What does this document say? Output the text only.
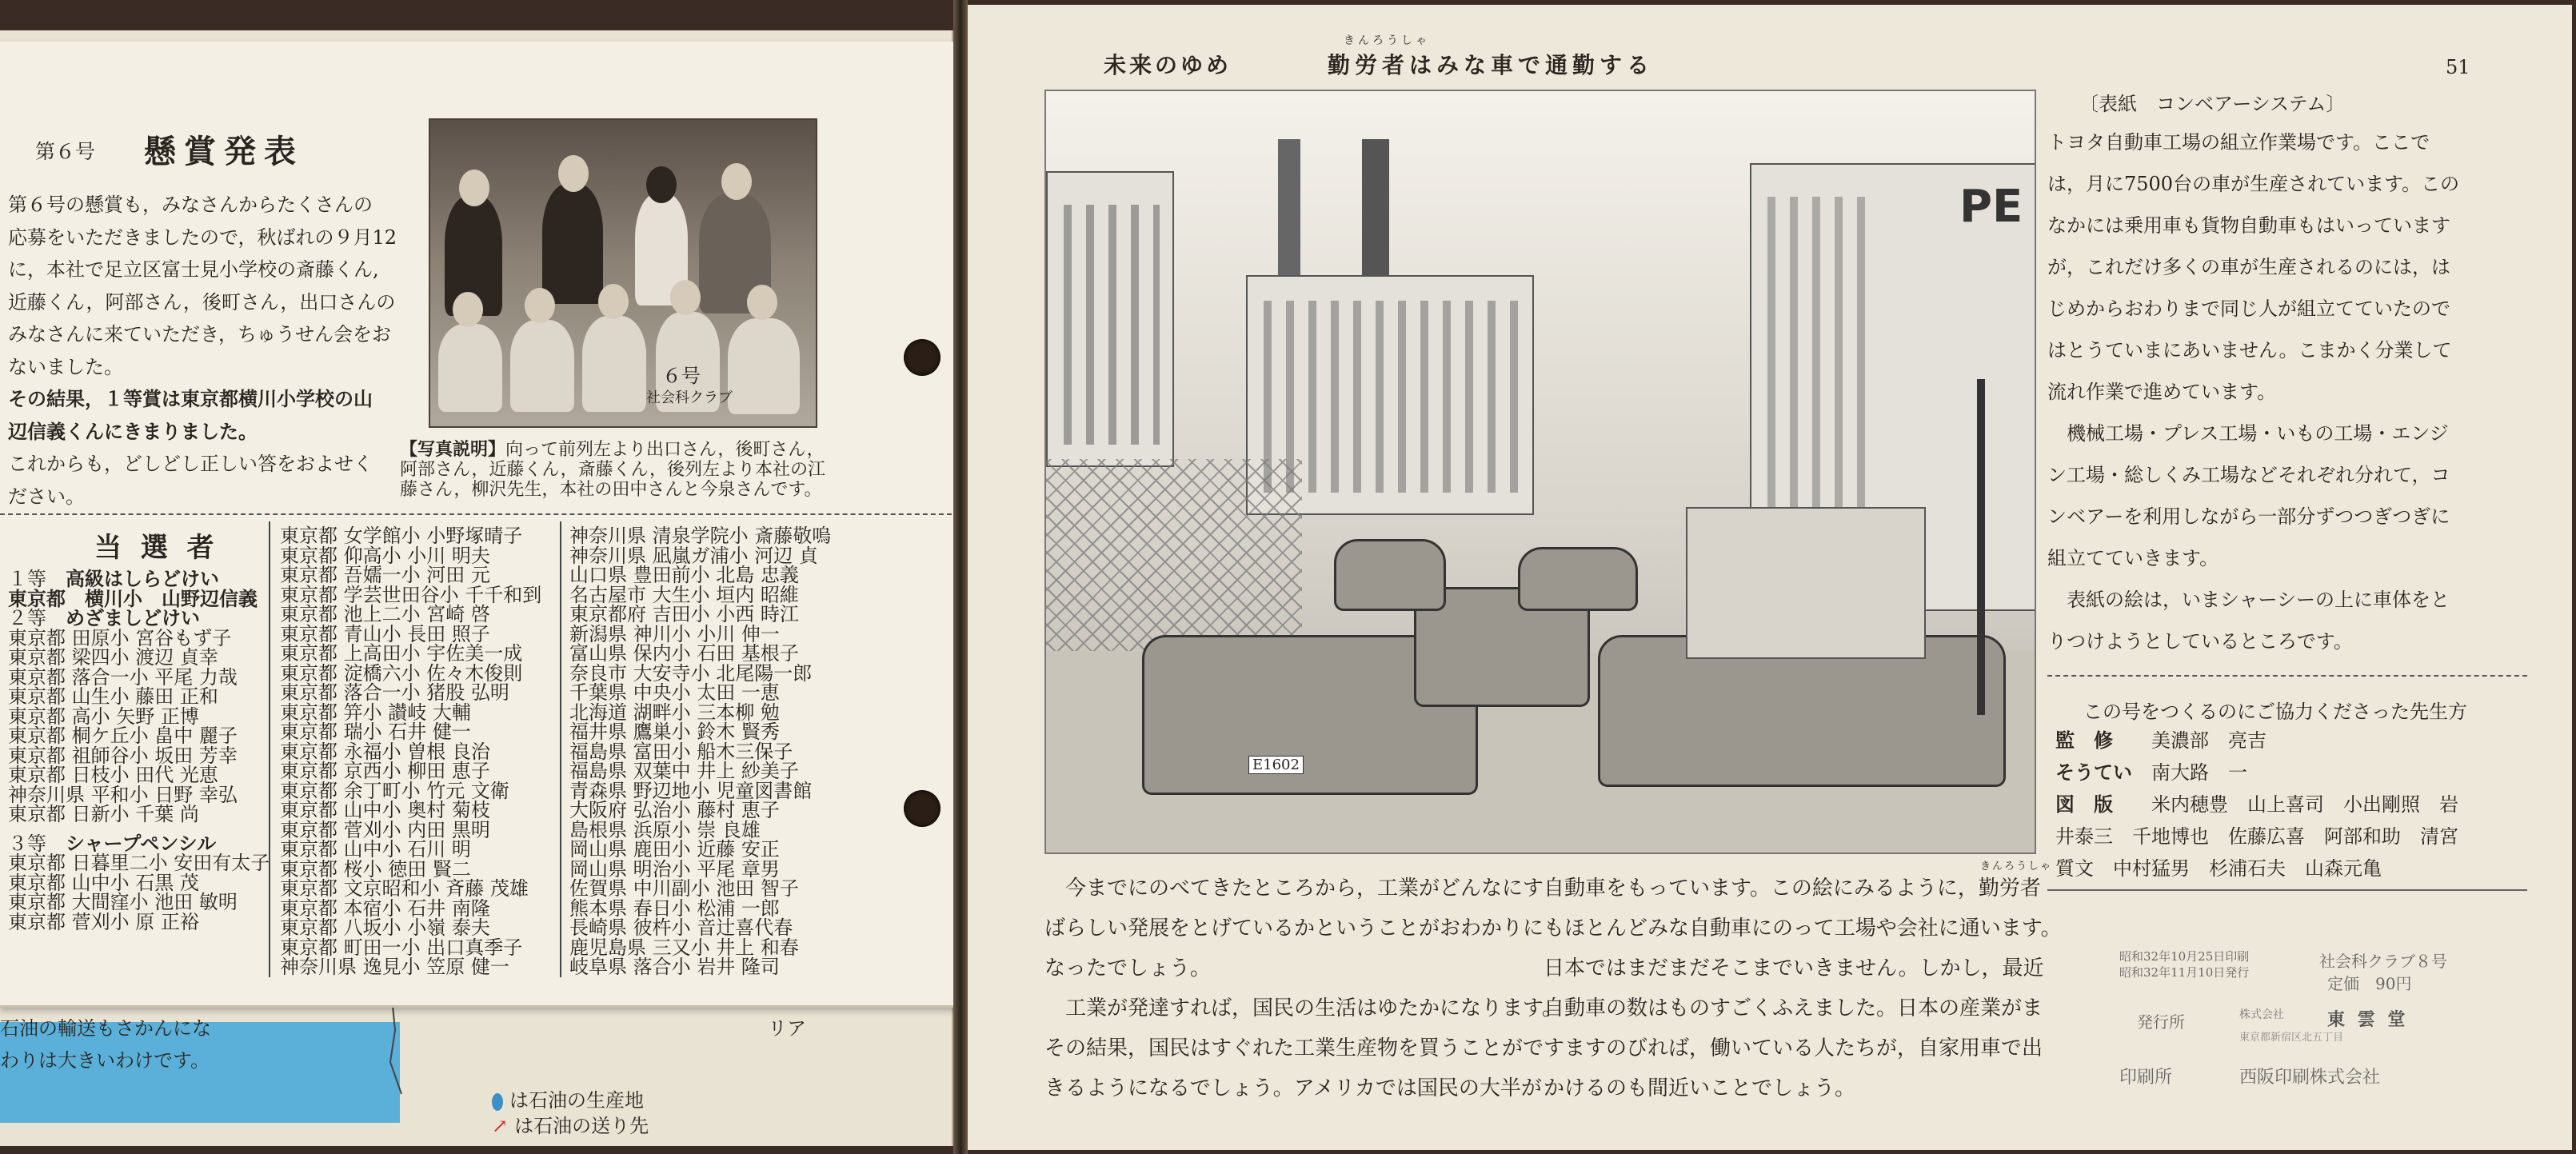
石油の輸送もさかんにな
わりは大きいわけです。
リア
は石油の生産地
↗ は石油の送り先
第６号 懸賞発表
第６号の懸賞も，みなさんからたくさんの
応募をいただきましたので，秋ばれの９月12
に，本社で足立区富士見小学校の斎藤くん,
近藤くん，阿部さん，後町さん，出口さんの
みなさんに来ていただき，ちゅうせん会をお
ないました。
その結果，１等賞は東京都横川小学校の山
辺信義くんにきまりました。
これからも，どしどし正しい答をおよせく
ださい。
６号
社会科クラブ
【写真説明】向って前列左より出口さん，後町さん，
阿部さん，近藤くん，斎藤くん，後列左より本社の江
藤さん，柳沢先生，本社の田中さんと今泉さんです。
当 選 者
１等　 高級はしらどけい
東京都　 横川小　 山野辺信義
２等　 めざましどけい
東京都 田原小 宮谷もず子
東京都 梁四小 渡辺 貞幸
東京都 落合一小 平尾 力哉
東京都 山生小 藤田 正和
東京都 高小 矢野 正博
東京都 桐ケ丘小 畠中 麗子
東京都 祖師谷小 坂田 芳幸
東京都 日枝小 田代 光恵
神奈川県 平和小 日野 幸弘
東京都 日新小 千葉 尚
３等　 シャープペンシル
東京都 日暮里二小 安田有太子
東京都 山中小 石黒 茂
東京都 大間窪小 池田 敏明
東京都 菅刈小 原 正裕
東京都 女学館小 小野塚晴子
東京都 仰高小 小川 明夫
東京都 吾嬬一小 河田 元
東京都 学芸世田谷小 千千和到
東京都 池上二小 宮崎 啓
東京都 青山小 長田 照子
東京都 上高田小 宇佐美一成
東京都 淀橋六小 佐々木俊則
東京都 落合一小 猪股 弘明
東京都 笄小 讃岐 大輔
東京都 瑞小 石井 健一
東京都 永福小 曽根 良治
東京都 京西小 柳田 恵子
東京都 余丁町小 竹元 文衛
東京都 山中小 奥村 菊枝
東京都 菅刈小 内田 黒明
東京都 山中小 石川 明
東京都 桜小 徳田 賢二
東京都 文京昭和小 斉藤 茂雄
東京都 本宿小 石井 南隆
東京都 八坂小 小嶺 泰夫
東京都 町田一小 出口真季子
神奈川県 逸見小 笠原 健一
神奈川県 清泉学院小 斎藤敬嗚
神奈川県 凪嵐ガ浦小 河辺 貞
山口県 豊田前小 北島 忠義
名古屋市 大生小 垣内 昭維
東京都府 吉田小 小西 時江
新潟県 神川小 小川 伸一
富山県 保内小 石田 基根子
奈良市 大安寺小 北尾陽一郎
千葉県 中央小 太田 一恵
北海道 湖畔小 三本柳 勉
福井県 鷹巣小 鈴木 賢秀
福島県 富田小 船木三保子
福島県 双葉中 井上 紗美子
青森県 野辺地小 児童図書館
大阪府 弘治小 藤村 恵子
島根県 浜原小 崇 良雄
岡山県 鹿田小 近藤 安正
岡山県 明治小 平尾 章男
佐賀県 中川副小 池田 智子
熊本県 春日小 松浦 一郎
長崎県 彼杵小 音辻喜代春
鹿児島県 三又小 井上 和春
岐阜県 落合小 岩井 隆司
未来のゆめ	勤労者はみな車で通勤する
きんろうしゃ
51
PE
E1602
〔表紙　コンベアーシステム〕
トヨタ自動車工場の組立作業場です。ここで
は，月に7500台の車が生産されています。この
なかには乗用車も貨物自動車もはいっています
が，これだけ多くの車が生産されるのには，は
じめからおわりまで同じ人が組立てていたので
はとうていまにあいません。こまかく分業して
流れ作業で進めています。
　機械工場・プレス工場・いもの工場・エンジ
ン工場・総しくみ工場などそれぞれ分れて，コ
ンベアーを利用しながら一部分ずつつぎつぎに
組立てていきます。
　表紙の絵は，いまシャーシーの上に車体をと
りつけようとしているところです。
この号をつくるのにご協力くださった先生方
監　修 美濃部　亮吉
そうてい 南大路　一
図　版 米内穂豊　山上喜司　小出剛照　岩
井泰三　千地博也　佐藤広喜　阿部和助　清宮
質文　中村猛男　杉浦石夫　山森元亀
昭和32年10月25日印刷
昭和32年11月10日発行
社会科クラブ８号
定価　90円
発行所	株式会社 東 雲 堂
東京都新宿区北五丁目
印刷所	西阪印刷株式会社
　今までにのべてきたところから，工業がどんなにす
ばらしい発展をとげているかということがおわかりに
なったでしょう。
　工業が発達すれば，国民の生活はゆたかになります。
その結果，国民はすぐれた工業生産物を買うことがで
きるようになるでしょう。アメリカでは国民の大半が
きんろうしゃ
自動車をもっています。この絵にみるように，勤労者
もほとんどみな自動車にのって工場や会社に通います。
日本ではまだまだそこまでいきません。しかし，最近
自動車の数はものすごくふえました。日本の産業がま
すますのびれば，働いている人たちが，自家用車で出
かけるのも間近いことでしょう。
